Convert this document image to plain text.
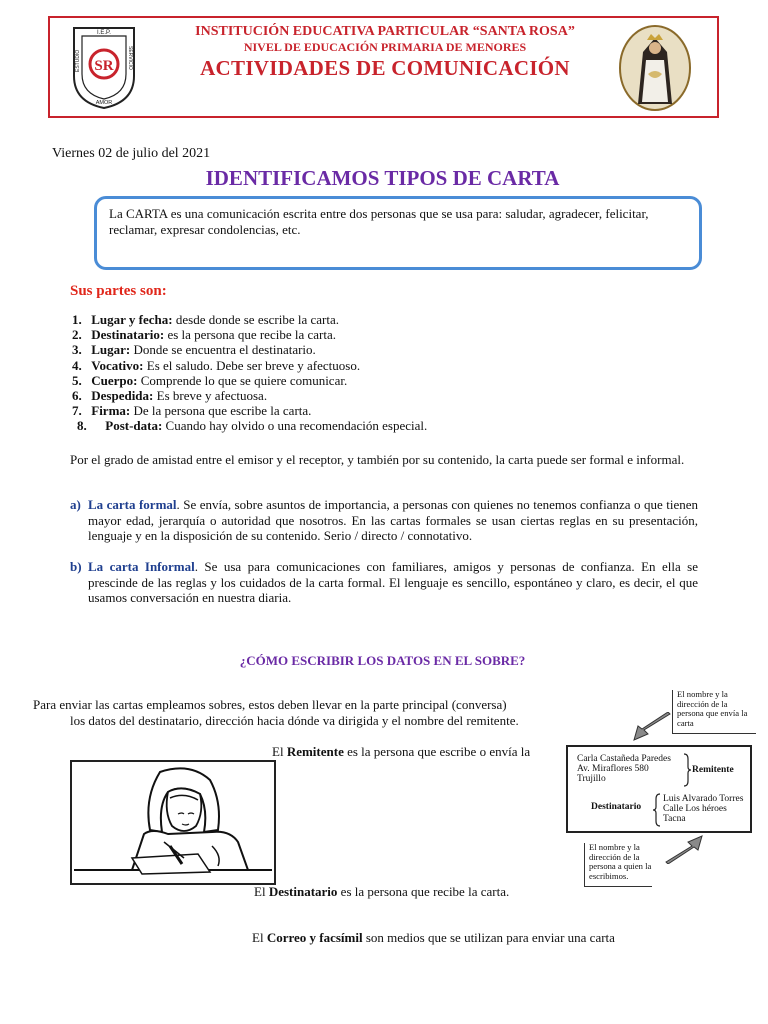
SR
I.E.P.
ESTUDIO	SERVICIO
AMOR
INSTITUCIÓN EDUCATIVA PARTICULAR “SANTA ROSA”
NIVEL DE EDUCACIÓN PRIMARIA DE MENORES
ACTIVIDADES DE COMUNICACIÓN
Viernes 02 de julio del 2021
IDENTIFICAMOS TIPOS DE CARTA
La CARTA es una comunicación escrita entre dos personas que se usa para: saludar, agradecer, felicitar, reclamar, expresar condolencias, etc.
Sus partes son:
1. Lugar y fecha: desde donde se escribe la carta.
2. Destinatario: es la persona que recibe la carta.
3. Lugar: Donde se encuentra el destinatario.
4. Vocativo: Es el saludo. Debe ser breve y afectuoso.
5. Cuerpo: Comprende lo que se quiere comunicar.
6. Despedida: Es breve y afectuosa.
7. Firma: De la persona que escribe la carta.
8. Post-data: Cuando hay olvido o una recomendación especial.
Por el grado de amistad entre el emisor y el receptor, y también por su contenido, la carta puede ser formal e informal.
a) La carta formal. Se envía, sobre asuntos de importancia, a personas con quienes no tenemos confianza o que tienen mayor edad, jerarquía o autoridad que nosotros. En las cartas formales se usan ciertas reglas en su presentación, lenguaje y en la disposición de su contenido. Serio / directo / connotativo.
b) La carta Informal. Se usa para comunicaciones con familiares, amigos y personas de confianza. En ella se prescinde de las reglas y los cuidados de la carta formal. El lenguaje es sencillo, espontáneo y claro, es decir, el que usamos conversación en nuestra diaria.
¿CÓMO ESCRIBIR LOS DATOS EN EL SOBRE?
Para enviar las cartas empleamos sobres, estos deben llevar en la parte principal (conversa)
los datos del destinatario, dirección hacia dónde va dirigida y el nombre del remitente.
El Remitente es la persona que escribe o envía la
El Destinatario es la persona que recibe la carta.
El Correo y facsímil son medios que se utilizan para enviar una carta
El nombre y la dirección de la persona que envía la carta
Carla Castañeda Paredes
Av. Miraflores 580
Trujillo
Remitente
Destinatario
Luis Alvarado Torres
Calle Los héroes
Tacna
El nombre y la dirección de la persona a quien la escribimos.
